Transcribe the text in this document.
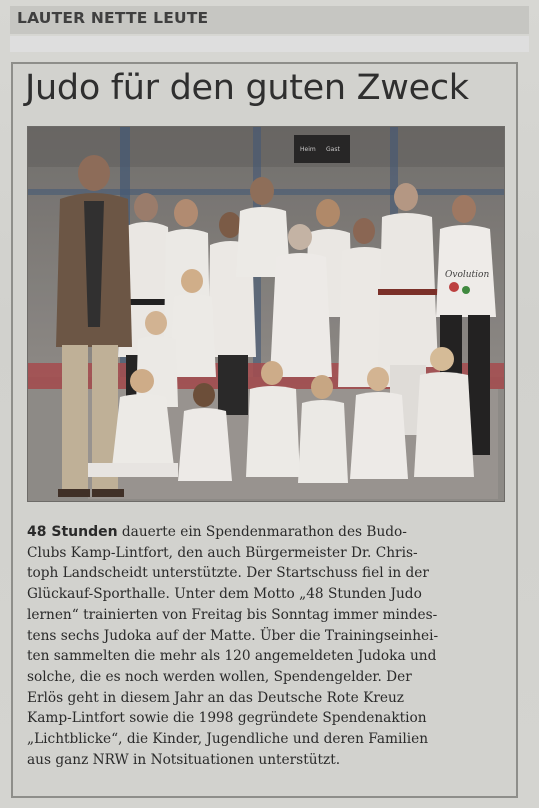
LAUTER NETTE LEUTE
Judo für den guten Zweck
Heim Gast
Ovolution
48 Stunden dauerte ein Spendenmarathon des Budo-
Clubs Kamp-Lintfort, den auch Bürgermeister Dr. Chris-
toph Landscheidt unterstützte. Der Startschuss fiel in der
Glückauf-Sporthalle. Unter dem Motto „48 Stunden Judo
lernen“ trainierten von Freitag bis Sonntag immer mindes-
tens sechs Judoka auf der Matte. Über die Trainingseinhei-
ten sammelten die mehr als 120 angemeldeten Judoka und
solche, die es noch werden wollen, Spendengelder. Der
Erlös geht in diesem Jahr an das Deutsche Rote Kreuz
Kamp-Lintfort sowie die 1998 gegründete Spendenaktion
„Lichtblicke“, die Kinder, Jugendliche und deren Familien
aus ganz NRW in Notsituationen unterstützt.
